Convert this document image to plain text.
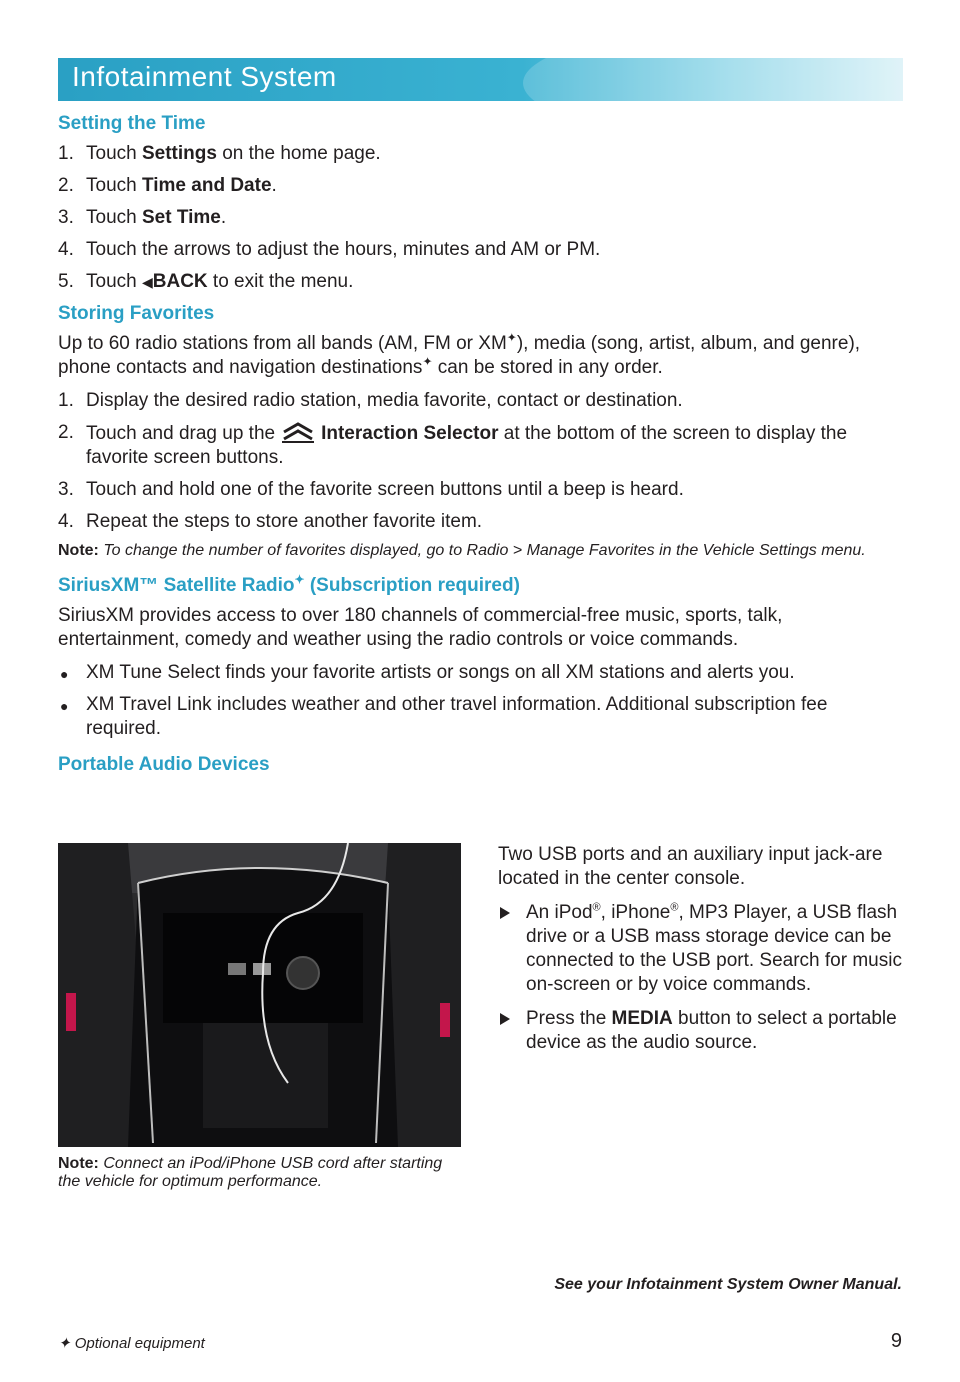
Infotainment System
Setting the Time
1. Touch Settings on the home page.
2. Touch Time and Date.
3. Touch Set Time.
4. Touch the arrows to adjust the hours, minutes and AM or PM.
5. Touch ◀BACK to exit the menu.
Storing Favorites

Up to 60 radio stations from all bands (AM, FM or XM✦), media (song, artist, album, and genre), phone contacts and navigation destinations✦ can be stored in any order.

1. Display the desired radio station, media favorite, contact or destination.
2. Touch and drag up the Interaction Selector at the bottom of the screen to display the favorite screen buttons.
3. Touch and hold one of the favorite screen buttons until a beep is heard.
4. Repeat the steps to store another favorite item.

Note: To change the number of favorites displayed, go to Radio > Manage Favorites in the Vehicle Settings menu.

SiriusXM™ Satellite Radio✦ (Subscription required)

SiriusXM provides access to over 180 channels of commercial-free music, sports, talk, entertainment, comedy and weather using the radio controls or voice commands.

● XM Tune Select finds your favorite artists or songs on all XM stations and alerts you.
● XM Travel Link includes weather and other travel information. Additional subscription fee required.
Portable Audio Devices

Two USB ports and an auxiliary input jack-are located in the center console.

An iPod®, iPhone®, MP3 Player, a USB flash drive or a USB mass storage device can be connected to the USB port. Search for music on-screen or by voice commands.
Press the MEDIA button to select a portable device as the audio source.
Note: Connect an iPod/iPhone USB cord after starting the vehicle for optimum performance.
See your Infotainment System Owner Manual.
✦ Optional equipment	9
